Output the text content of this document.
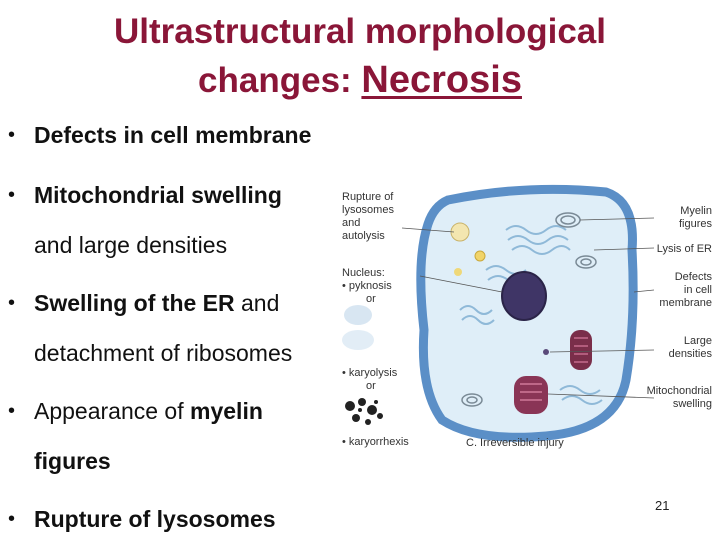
Ultrastructural morphological
changes: Necrosis
• Defects in cell membrane
• Mitochondrial swelling
and large densities
• Swelling of the ER and
detachment of ribosomes
• Appearance of myelin
figures
• Rupture of lysosomes
Rupture of
lysosomes
and
autolysis
Nucleus:
• pyknosis
or
• karyolysis
or
• karyorrhexis
Myelin
figures
Lysis of ER
Defects
in cell
membrane
Large
densities
Mitochondrial
swelling
C. Irreversible injury
21
